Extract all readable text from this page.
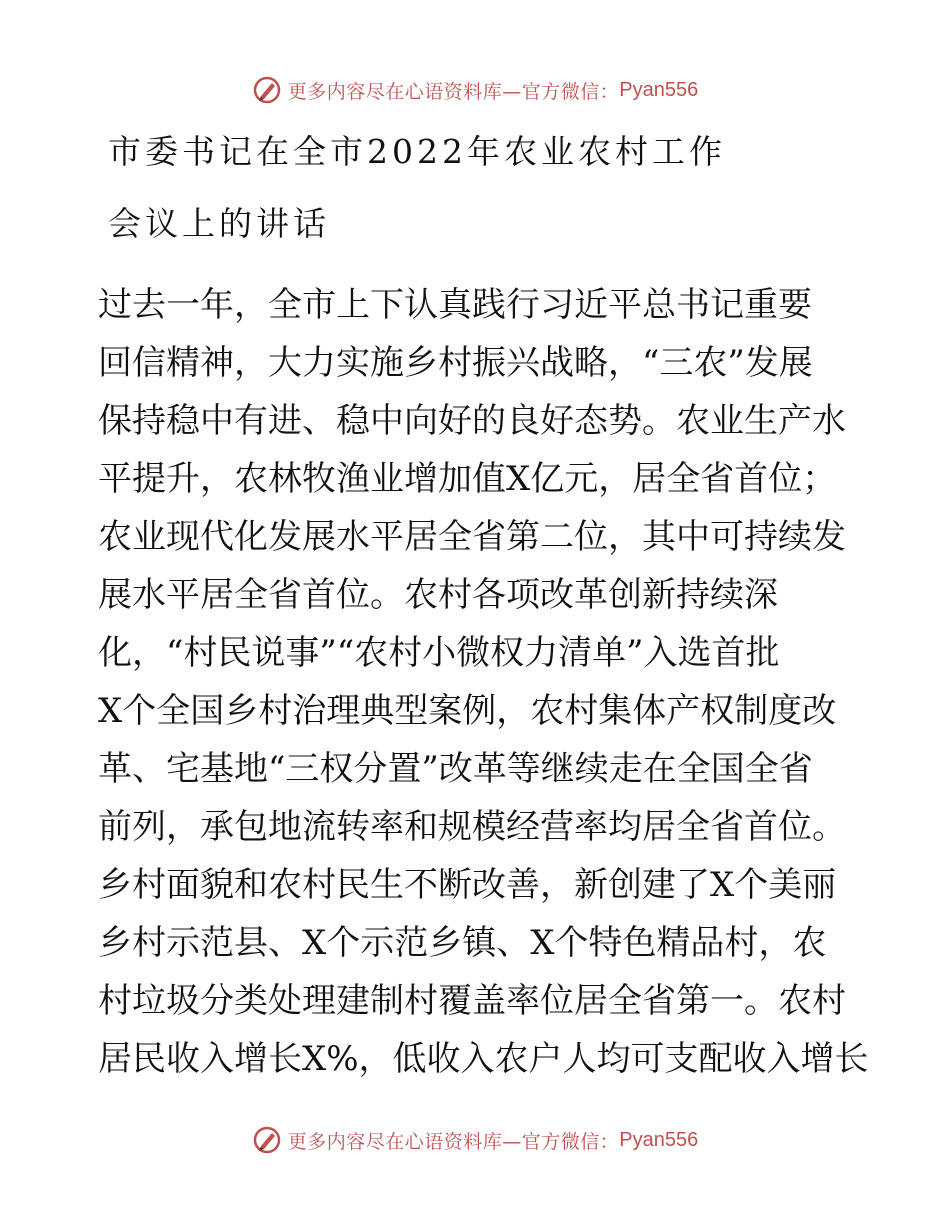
更多内容尽在心语资料库—官方微信： Pyan556
市委书记在全市2022年农业农村工作
会议上的讲话
过去一年，全市上下认真践行习近平总书记重要
回信精神，大力实施乡村振兴战略，“三农”发展
保持稳中有进、稳中向好的良好态势。农业生产水
平提升，农林牧渔业增加值X亿元，居全省首位；
农业现代化发展水平居全省第二位，其中可持续发
展水平居全省首位。农村各项改革创新持续深
化，“村民说事”“农村小微权力清单”入选首批
X个全国乡村治理典型案例，农村集体产权制度改
革、宅基地“三权分置”改革等继续走在全国全省
前列，承包地流转率和规模经营率均居全省首位。
乡村面貌和农村民生不断改善，新创建了X个美丽
乡村示范县、X个示范乡镇、X个特色精品村，农
村垃圾分类处理建制村覆盖率位居全省第一。农村
居民收入增长X%，低收入农户人均可支配收入增长
更多内容尽在心语资料库—官方微信： Pyan556
